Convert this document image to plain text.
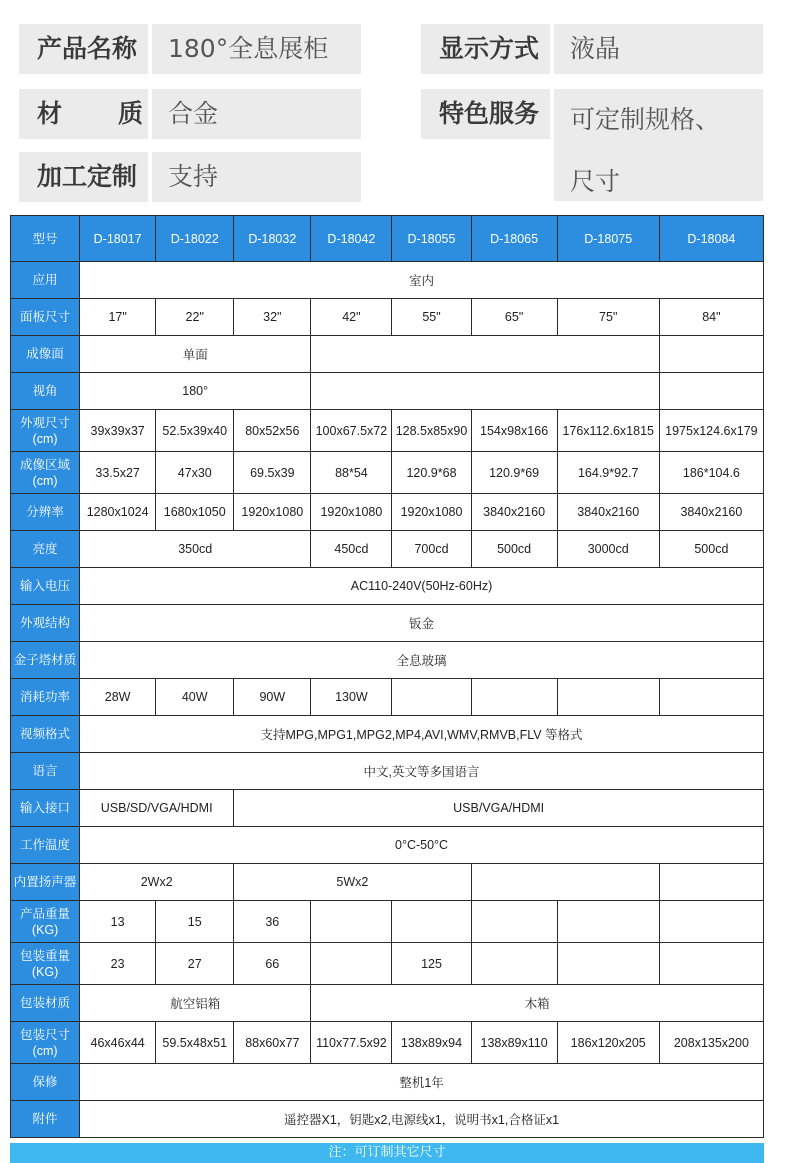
产品名称	180°全息展柜	显示方式	液晶
材 质	合金	特色服务	可定制规格、尺寸
加工定制	支持
型号	D-18017	D-18022	D-18032	D-18042	D-18055	D-18065	D-18075	D-18084
应用	室内							
面板尺寸	17"	22"	32"	42"	55"	65"	75"	84"
成像面	单面							
视角	180°							
外观尺寸(cm)	39x39x37	52.5x39x40	80x52x56	100x67.5x72	128.5x85x90	154x98x166	176x112.6x1815	1975x124.6x179
成像区域(cm)	33.5x27	47x30	69.5x39	88*54	120.9*68	120.9*69	164.9*92.7	186*104.6
分辨率	1280x1024	1680x1050	1920x1080	1920x1080	1920x1080	3840x2160	3840x2160	3840x2160
亮度	350cd			450cd	700cd	500cd	3000cd	500cd
输入电压	AC110-240V(50Hz-60Hz)							
外观结构	钣金							
金子塔材质	全息玻璃							
消耗功率	28W	40W	90W	130W				
视频格式	支持MPG,MPG1,MPG2,MP4,AVI,WMV,RMVB,FLV 等格式							
语言	中文,英文等多国语言							
输入接口	USB/SD/VGA/HDMI		USB/VGA/HDMI					
工作温度	0°C-50°C							
内置扬声器	2Wx2		5Wx2					
产品重量(KG)	13	15	36					
包装重量(KG)	23	27	66		125			
包装材质	航空铝箱			木箱				
包装尺寸(cm)	46x46x44	59.5x48x51	88x60x77	110x77.5x92	138x89x94	138x89x110	186x120x205	208x135x200
保修	整机1年							
附件	遥控器X1，钥匙x2,电源线x1，说明书x1,合格证x1							
注：可订制其它尺寸
